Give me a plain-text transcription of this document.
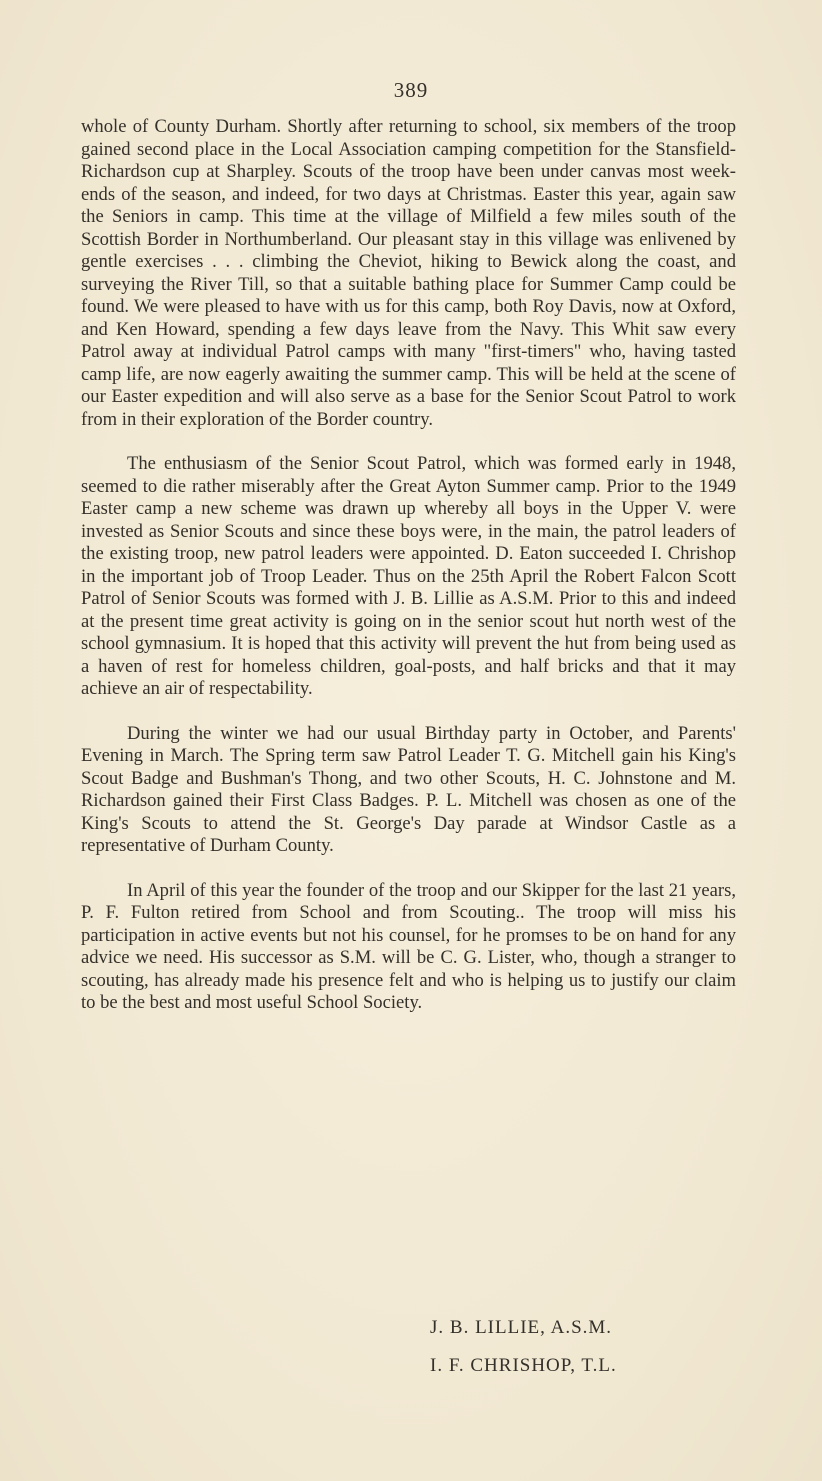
389

whole of County Durham. Shortly after returning to school, six members of the troop gained second place in the Local Association camping competition for the Stansfield-Richardson cup at Sharpley. Scouts of the troop have been under canvas most week-ends of the season, and indeed, for two days at Christmas. Easter this year, again saw the Seniors in camp. This time at the village of Milfield a few miles south of the Scottish Border in Northumberland. Our pleasant stay in this village was enlivened by gentle exercises . . . climbing the Cheviot, hiking to Bewick along the coast, and surveying the River Till, so that a suitable bathing place for Summer Camp could be found. We were pleased to have with us for this camp, both Roy Davis, now at Oxford, and Ken Howard, spending a few days leave from the Navy. This Whit saw every Patrol away at individual Patrol camps with many "first-timers" who, having tasted camp life, are now eagerly awaiting the summer camp. This will be held at the scene of our Easter expedition and will also serve as a base for the Senior Scout Patrol to work from in their exploration of the Border country.

The enthusiasm of the Senior Scout Patrol, which was formed early in 1948, seemed to die rather miserably after the Great Ayton Summer camp. Prior to the 1949 Easter camp a new scheme was drawn up whereby all boys in the Upper V. were invested as Senior Scouts and since these boys were, in the main, the patrol leaders of the existing troop, new patrol leaders were appointed. D. Eaton succeeded I. Chrishop in the important job of Troop Leader. Thus on the 25th April the Robert Falcon Scott Patrol of Senior Scouts was formed with J. B. Lillie as A.S.M. Prior to this and indeed at the present time great activity is going on in the senior scout hut north west of the school gymnasium. It is hoped that this activity will prevent the hut from being used as a haven of rest for homeless children, goal-posts, and half bricks and that it may achieve an air of respectability.

During the winter we had our usual Birthday party in October, and Parents' Evening in March. The Spring term saw Patrol Leader T. G. Mitchell gain his King's Scout Badge and Bushman's Thong, and two other Scouts, H. C. Johnstone and M. Richardson gained their First Class Badges. P. L. Mitchell was chosen as one of the King's Scouts to attend the St. George's Day parade at Windsor Castle as a representative of Durham County.

In April of this year the founder of the troop and our Skipper for the last 21 years, P. F. Fulton retired from School and from Scouting.. The troop will miss his participation in active events but not his counsel, for he promses to be on hand for any advice we need. His successor as S.M. will be C. G. Lister, who, though a stranger to scouting, has already made his presence felt and who is helping us to justify our claim to be the best and most useful School Society.

J. B. LILLIE, A.S.M.

I. F. CHRISHOP, T.L.
